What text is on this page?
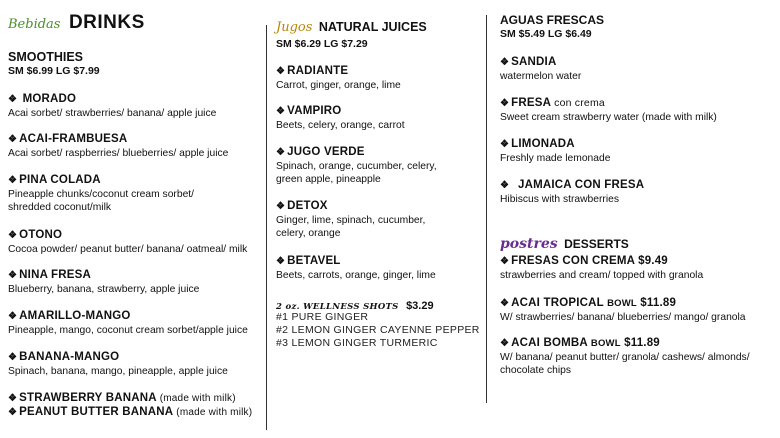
Bebidas DRINKS
SMOOTHIES
SM $6.99 LG $7.99
❖ MORADO
Acai sorbet/ strawberries/ banana/ apple juice
❖ ACAI-FRAMBUESA
Acai sorbet/ raspberries/ blueberries/ apple juice
❖ PINA COLADA
Pineapple chunks/coconut cream sorbet/
shredded coconut/milk
❖ OTONO
Cocoa powder/ peanut butter/ banana/ oatmeal/ milk
❖ NINA FRESA
Blueberry, banana, strawberry, apple juice
❖ AMARILLO-MANGO
Pineapple, mango, coconut cream sorbet/apple juice
❖ BANANA-MANGO
Spinach, banana, mango, pineapple, apple juice
❖ STRAWBERRY BANANA (made with milk)
❖ PEANUT BUTTER BANANA (made with milk)
Jugos NATURAL JUICES
SM $6.29 LG $7.29
❖ RADIANTE
Carrot, ginger, orange, lime
❖ VAMPIRO
Beets, celery, orange, carrot
❖ JUGO VERDE
Spinach, orange, cucumber, celery,
green apple, pineapple
❖ DETOX
Ginger, lime, spinach, cucumber,
celery, orange
❖ BETAVEL
Beets, carrots, orange, ginger, lime
2 oz. WELLNESS SHOTS $3.29
#1 PURE GINGER
#2 LEMON GINGER CAYENNE PEPPER
#3 LEMON GINGER TURMERIC
AGUAS FRESCAS
SM $5.49 LG $6.49
❖ SANDIA
watermelon water
❖ FRESA con crema
Sweet cream strawberry water (made with milk)
❖ LIMONADA
Freshly made lemonade
❖ JAMAICA CON FRESA
Hibiscus with strawberries
postres DESSERTS
❖ FRESAS CON CREMA $9.49
strawberries and cream/ topped with granola
❖ ACAI TROPICAL BOWL $11.89
W/ strawberries/ banana/ blueberries/ mango/ granola
❖ ACAI BOMBA BOWL $11.89
W/ banana/ peanut butter/ granola/ cashews/ almonds/
chocolate chips
